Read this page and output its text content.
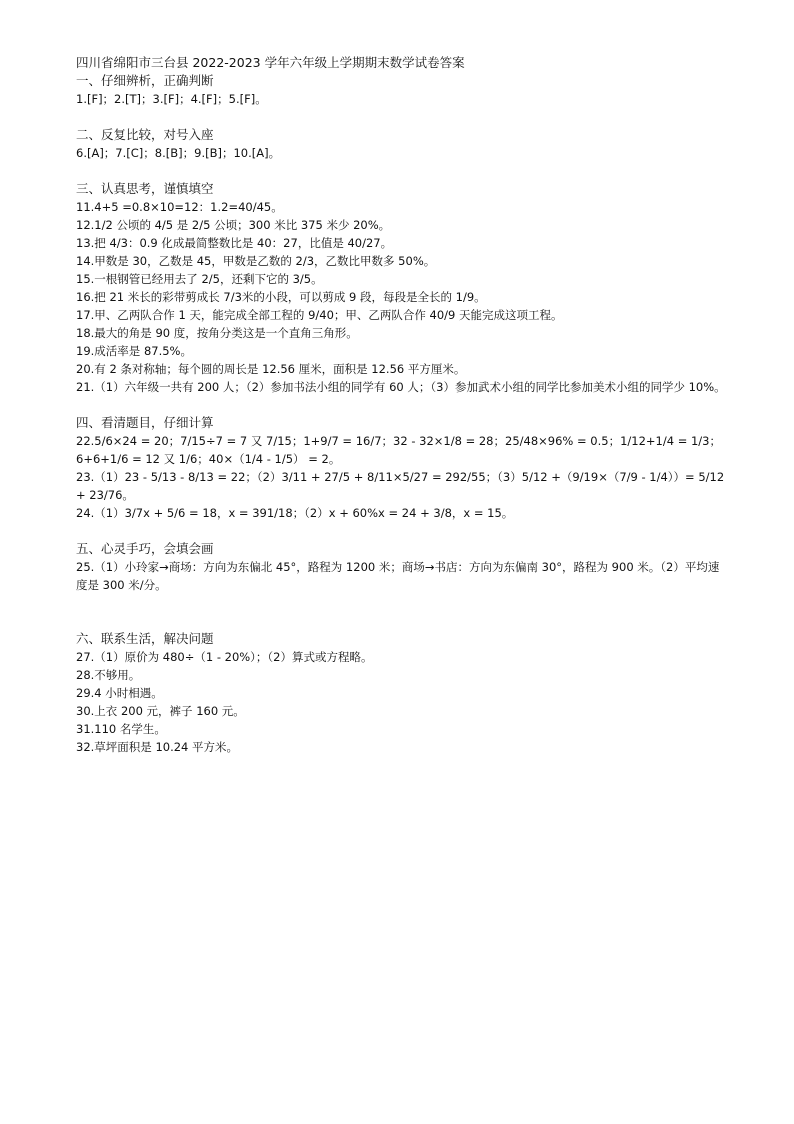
四川省绵阳市三台县 2022-2023 学年六年级上学期期末数学试卷答案
一、仔细辨析，正确判断
1.[F]；2.[T]；3.[F]；4.[F]；5.[F]。
二、反复比较，对号入座
6.[A]；7.[C]；8.[B]；9.[B]；10.[A]。
三、认真思考，谨慎填空
11.4+5 =0.8×10=12：1.2=40/45。
12.1/2 公顷的 4/5 是 2/5 公顷；300 米比 375 米少 20%。
13.把 4/3：0.9 化成最简整数比是 40：27，比值是 40/27。
14.甲数是 30，乙数是 45，甲数是乙数的 2/3，乙数比甲数多 50%。
15.一根钢管已经用去了 2/5，还剩下它的 3/5。
16.把 21 米长的彩带剪成长 7/3米的小段，可以剪成 9 段，每段是全长的 1/9。
17.甲、乙两队合作 1 天，能完成全部工程的 9/40；甲、乙两队合作 40/9 天能完成这项工程。
18.最大的角是 90 度，按角分类这是一个直角三角形。
19.成活率是 87.5%。
20.有 2 条对称轴；每个圆的周长是 12.56 厘米，面积是 12.56 平方厘米。
21.（1）六年级一共有 200 人；（2）参加书法小组的同学有 60 人；（3）参加武术小组的同学比参加美术小组的同学少 10%。
四、看清题目，仔细计算
22.5/6×24 = 20；7/15÷7 = 7 又 7/15；1+9/7 = 16/7；32 - 32×1/8 = 28；25/48×96% = 0.5；1/12+1/4 = 1/3；6+6+1/6 = 12 又 1/6；40×（1/4 - 1/5） = 2。
23.（1）23 - 5/13 - 8/13 = 22；（2）3/11 + 27/5 + 8/11×5/27 = 292/55；（3）5/12 +（9/19×（7/9 - 1/4））= 5/12 + 23/76。
24.（1）3/7x + 5/6 = 18，x = 391/18；（2）x + 60%x = 24 + 3/8，x = 15。
五、心灵手巧，会填会画
25.（1）小玲家→商场：方向为东偏北 45°，路程为 1200 米；商场→书店：方向为东偏南 30°，路程为 900 米。（2）平均速度是 300 米/分。
六、联系生活，解决问题
27.（1）原价为 480÷（1 - 20%）；（2）算式或方程略。
28.不够用。
29.4 小时相遇。
30.上衣 200 元，裤子 160 元。
31.110 名学生。
32.草坪面积是 10.24 平方米。
